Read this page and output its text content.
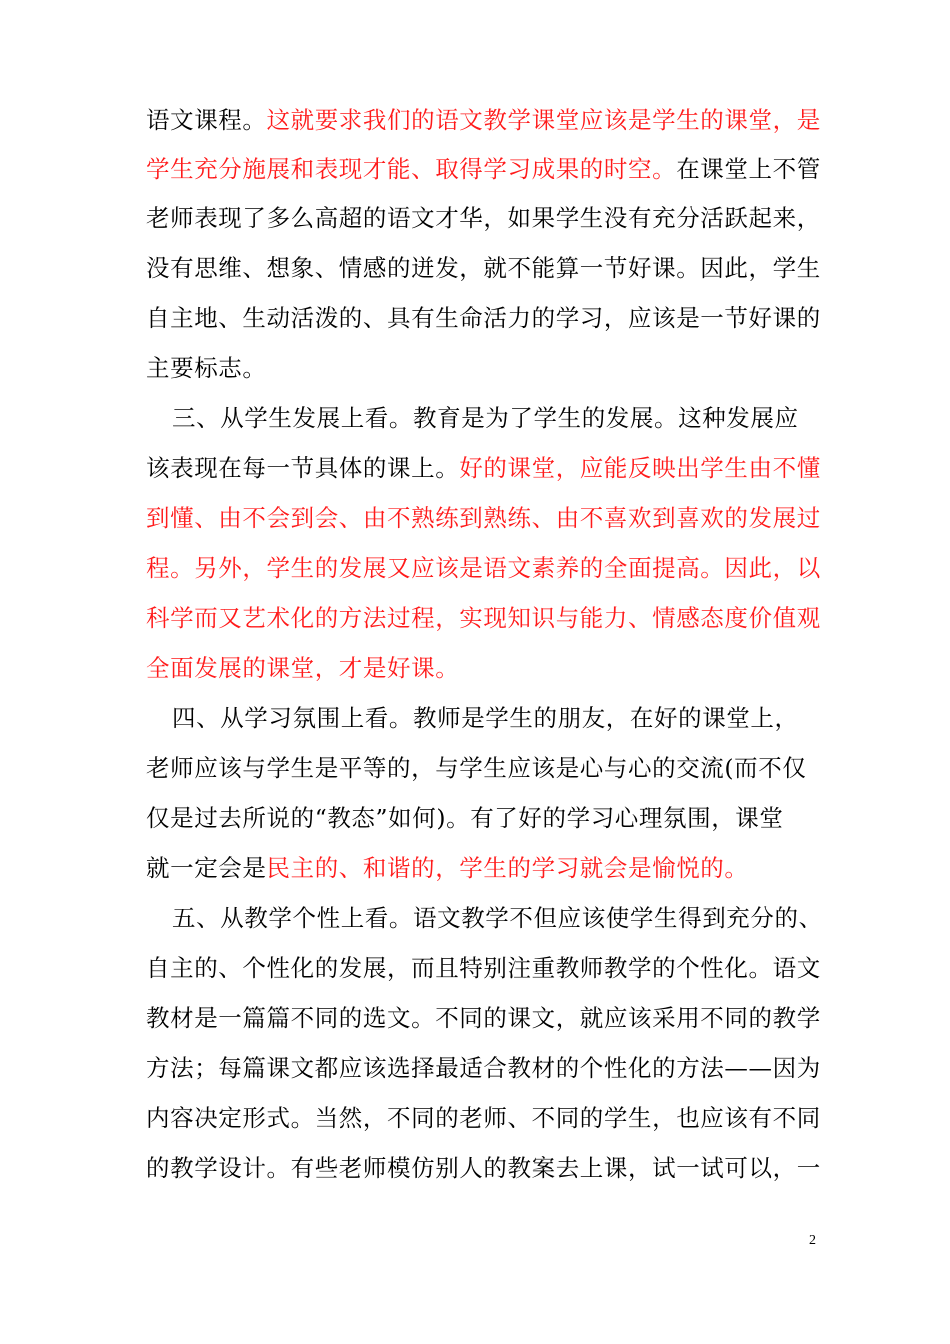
语文课程。这就要求我们的语文教学课堂应该是学生的课堂，是
学生充分施展和表现才能、取得学习成果的时空。在课堂上不管
老师表现了多么高超的语文才华，如果学生没有充分活跃起来，
没有思维、想象、情感的迸发，就不能算一节好课。因此，学生
自主地、生动活泼的、具有生命活力的学习，应该是一节好课的
主要标志。
三、从学生发展上看。教育是为了学生的发展。这种发展应
该表现在每一节具体的课上。好的课堂，应能反映出学生由不懂
到懂、由不会到会、由不熟练到熟练、由不喜欢到喜欢的发展过
程。另外，学生的发展又应该是语文素养的全面提高。因此，以
科学而又艺术化的方法过程，实现知识与能力、情感态度价值观
全面发展的课堂，才是好课。
四、从学习氛围上看。教师是学生的朋友，在好的课堂上，
老师应该与学生是平等的，与学生应该是心与心的交流(而不仅
仅是过去所说的“教态”如何)。有了好的学习心理氛围，课堂
就一定会是民主的、和谐的，学生的学习就会是愉悦的。
五、从教学个性上看。语文教学不但应该使学生得到充分的、
自主的、个性化的发展，而且特别注重教师教学的个性化。语文
教材是一篇篇不同的选文。不同的课文，就应该采用不同的教学
方法；每篇课文都应该选择最适合教材的个性化的方法——因为
内容决定形式。当然，不同的老师、不同的学生，也应该有不同
的教学设计。有些老师模仿别人的教案去上课，试一试可以，一
2
